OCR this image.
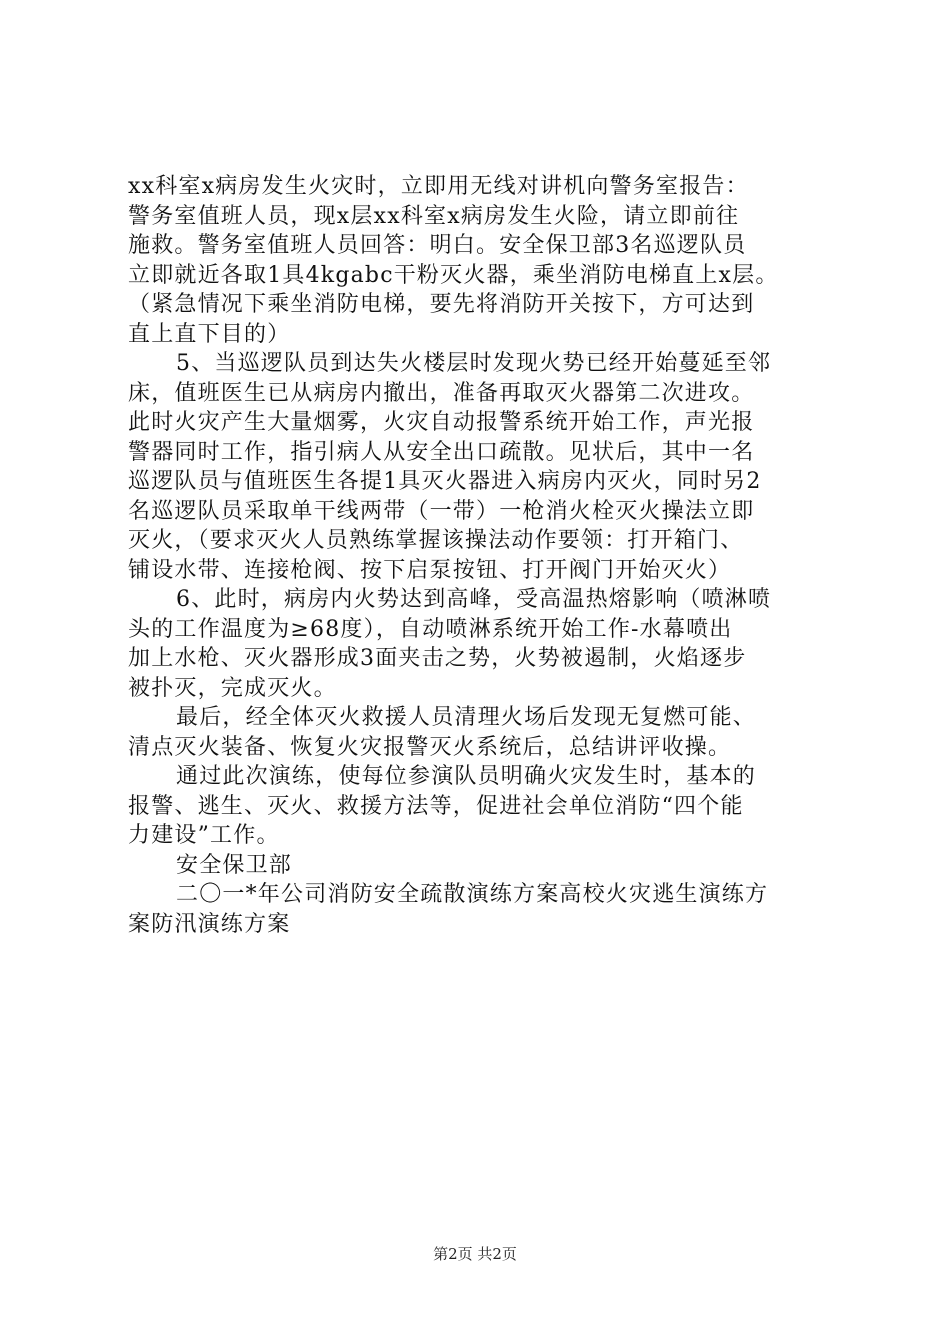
xx科室x病房发生火灾时，立即用无线对讲机向警务室报告：
警务室值班人员，现x层xx科室x病房发生火险，请立即前往
施救。警务室值班人员回答：明白。安全保卫部3名巡逻队员
立即就近各取1具4kgabc干粉灭火器，乘坐消防电梯直上x层。
（紧急情况下乘坐消防电梯，要先将消防开关按下，方可达到
直上直下目的）
5、当巡逻队员到达失火楼层时发现火势已经开始蔓延至邻
床，值班医生已从病房内撤出，准备再取灭火器第二次进攻。
此时火灾产生大量烟雾，火灾自动报警系统开始工作，声光报
警器同时工作，指引病人从安全出口疏散。见状后，其中一名
巡逻队员与值班医生各提1具灭火器进入病房内灭火，同时另2
名巡逻队员采取单干线两带（一带）一枪消火栓灭火操法立即
灭火，（要求灭火人员熟练掌握该操法动作要领：打开箱门、
铺设水带、连接枪阀、按下启泵按钮、打开阀门开始灭火）
6、此时，病房内火势达到高峰，受高温热熔影响（喷淋喷
头的工作温度为≥68度），自动喷淋系统开始工作-水幕喷出
加上水枪、灭火器形成3面夹击之势，火势被遏制，火焰逐步
被扑灭，完成灭火。
最后，经全体灭火救援人员清理火场后发现无复燃可能、
清点灭火装备、恢复火灾报警灭火系统后，总结讲评收操。
通过此次演练，使每位参演队员明确火灾发生时，基本的
报警、逃生、灭火、救援方法等，促进社会单位消防“四个能
力建设”工作。
安全保卫部
二〇一*年公司消防安全疏散演练方案高校火灾逃生演练方
案防汛演练方案
第2页 共2页
